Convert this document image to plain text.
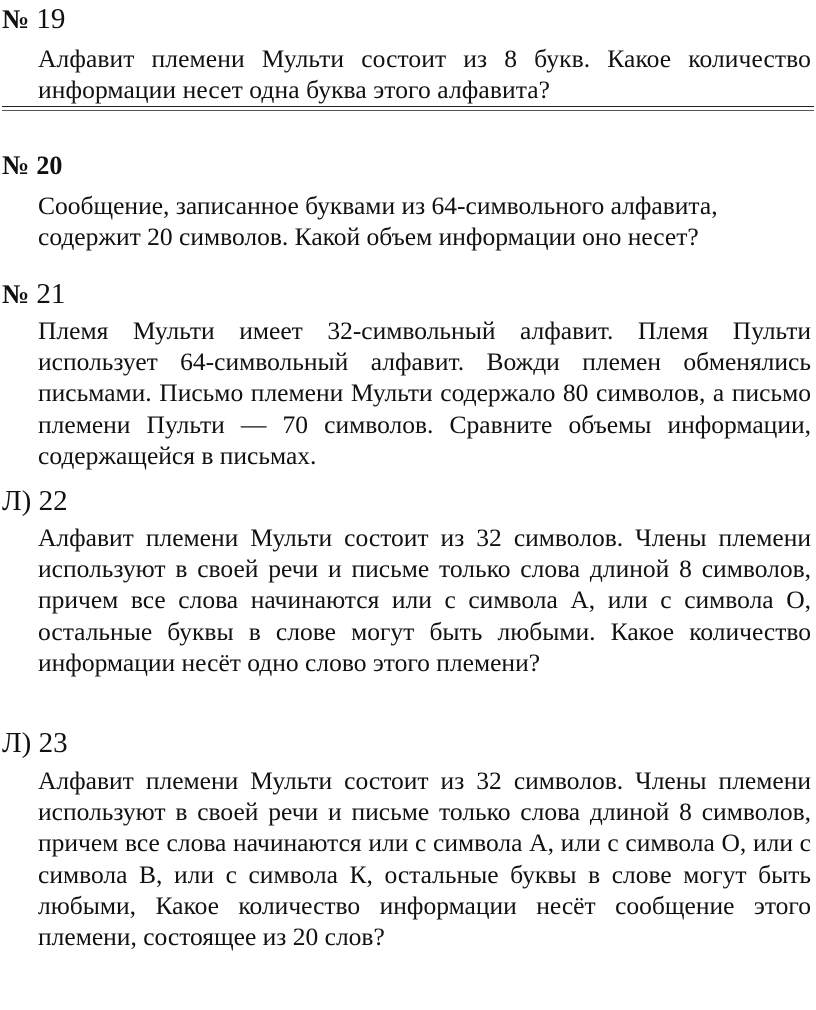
№ 19

Алфавит племени Мульти состоит из 8 букв. Какое количество информации несет одна буква этого алфавита?

№ 20

Сообщение, записанное буквами из 64-символьного алфавита, содержит 20 символов. Какой объем информации оно несет?

№ 21

Племя Мульти имеет 32-символьный алфавит. Племя Пульти использует 64-символьный алфавит. Вожди племен обменялись письмами. Письмо племени Мульти содержало 80 символов, а письмо племени Пульти — 70 символов. Сравните объемы информации, содержащейся в письмах.

Л) 22

Алфавит племени Мульти состоит из 32 символов. Члены племени используют в своей речи и письме только слова длиной 8 символов, причем все слова начинаются или с символа А, или с символа О, остальные буквы в слове могут быть любыми. Какое количество информации несёт одно слово этого племени?

Л) 23

Алфавит племени Мульти состоит из 32 символов. Члены племени используют в своей речи и письме только слова длиной 8 символов, причем все слова начинаются или с символа А, или с символа О, или с символа В, или с символа К, остальные буквы в слове могут быть любыми, Какое количество информации несёт сообщение этого племени, состоящее из 20 слов?
